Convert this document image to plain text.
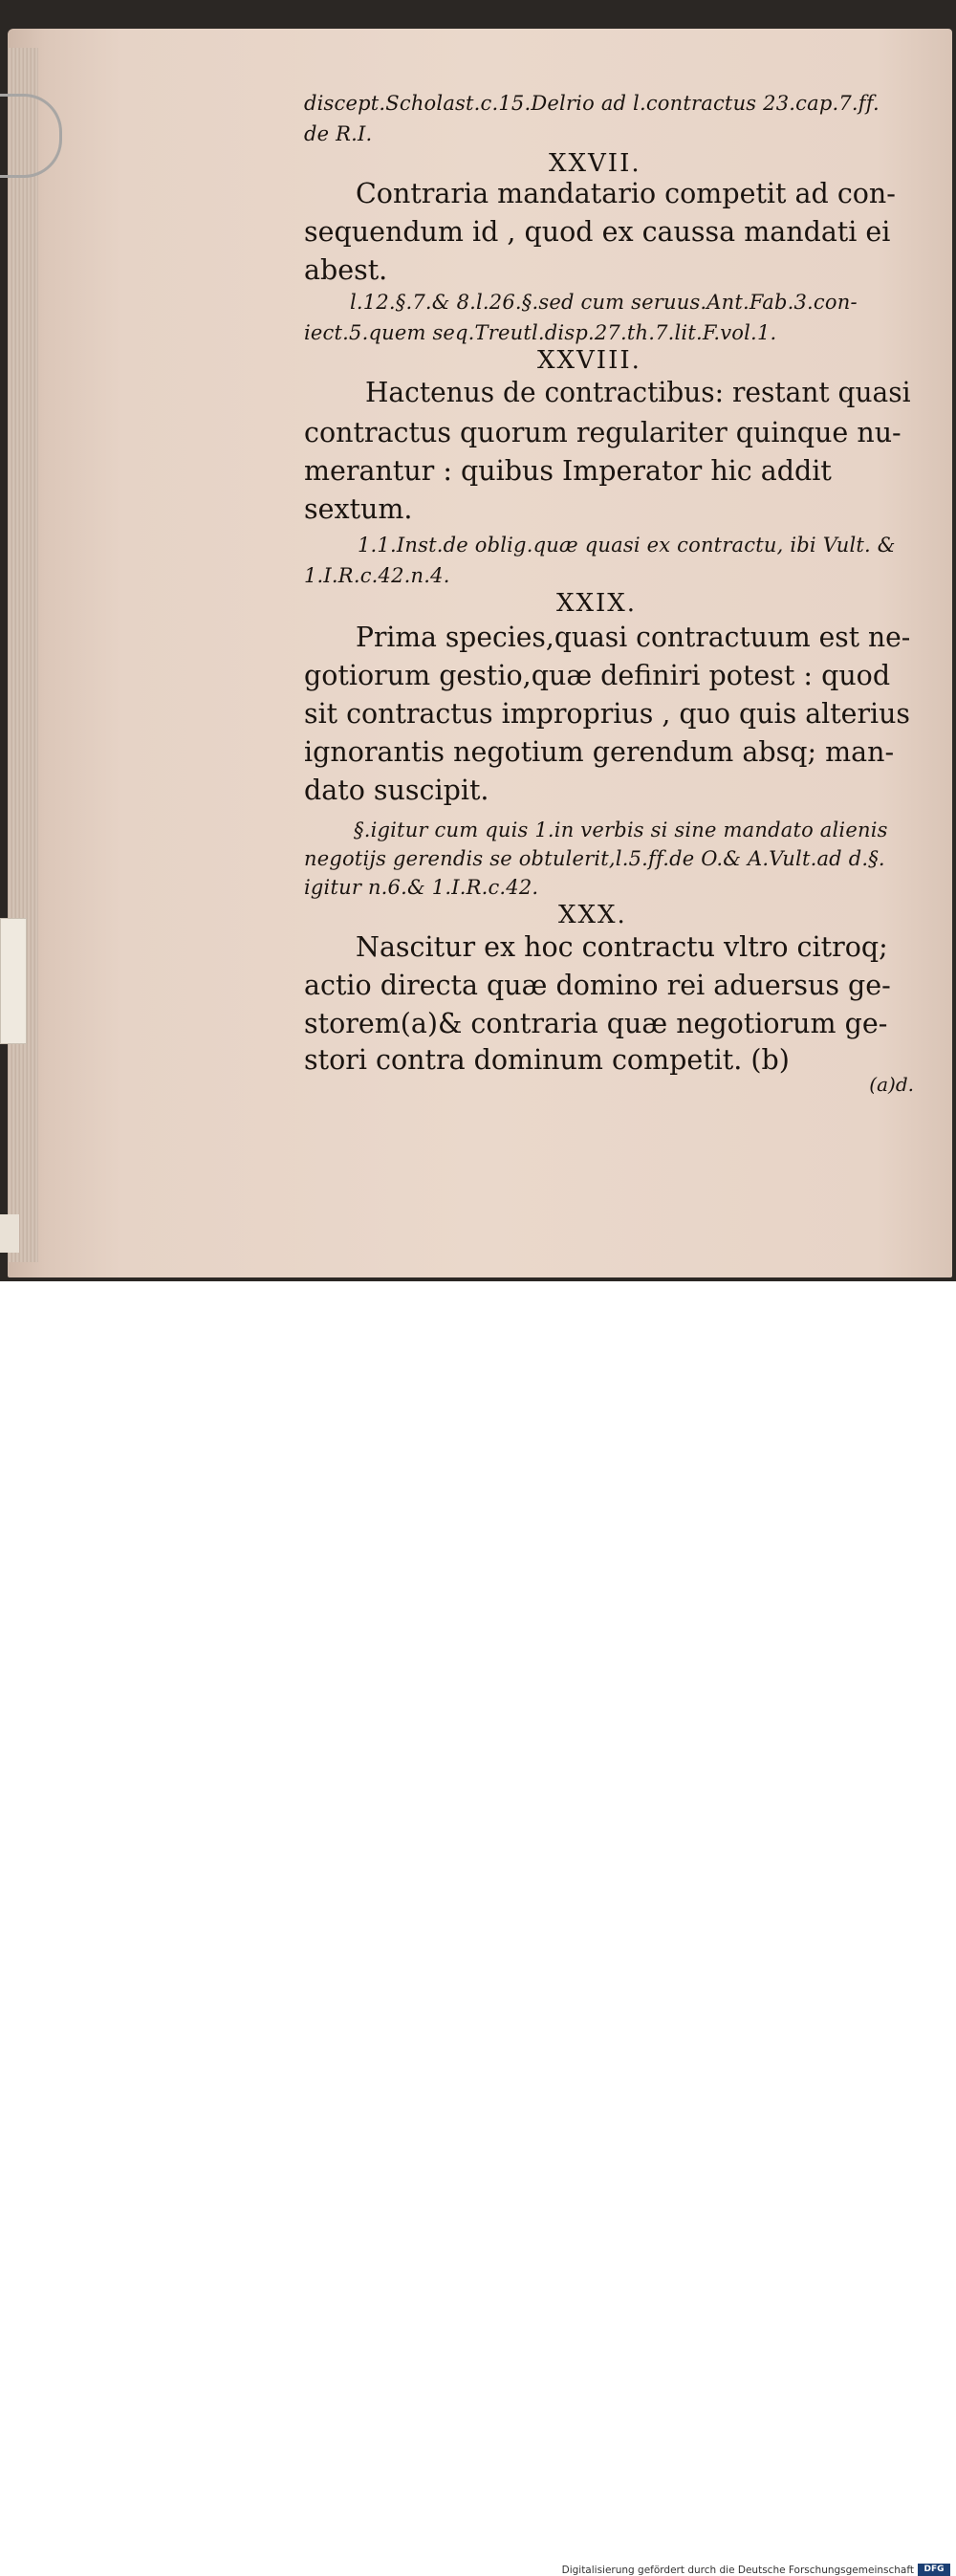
discept.Scholast.c.15.Delrio ad l.contractus 23.cap.7.ff.
de R.I.
XXVII.
Contraria mandatario competit ad con-
sequendum id , quod ex caussa mandati ei
abest.
l.12.§.7.& 8.l.26.§.sed cum seruus.Ant.Fab.3.con-
iect.5.quem seq.Treutl.disp.27.th.7.lit.F.vol.1.
XXVIII.
Hactenus de contractibus: restant quasi
contractus quorum regulariter quinque nu-
merantur : quibus Imperator hic addit
sextum.
1.1.Inst.de oblig.quæ quasi ex contractu, ibi Vult. &
1.I.R.c.42.n.4.
XXIX.
Prima species,quasi contractuum est ne-
gotiorum gestio,quæ definiri potest : quod
sit contractus improprius , quo quis alterius
ignorantis negotium gerendum absq; man-
dato suscipit.
§.igitur cum quis 1.in verbis si sine mandato alienis
negotijs gerendis se obtulerit,l.5.ff.de O.& A.Vult.ad d.§.
igitur n.6.& 1.I.R.c.42.
XXX.
Nascitur ex hoc contractu vltro citroq;
actio directa quæ domino rei aduersus ge-
storem(a)& contraria quæ negotiorum ge-
stori contra dominum competit. (b)
(a)d.
Digitalisierung gefördert durch die Deutsche Forschungsgemeinschaft	DFG
